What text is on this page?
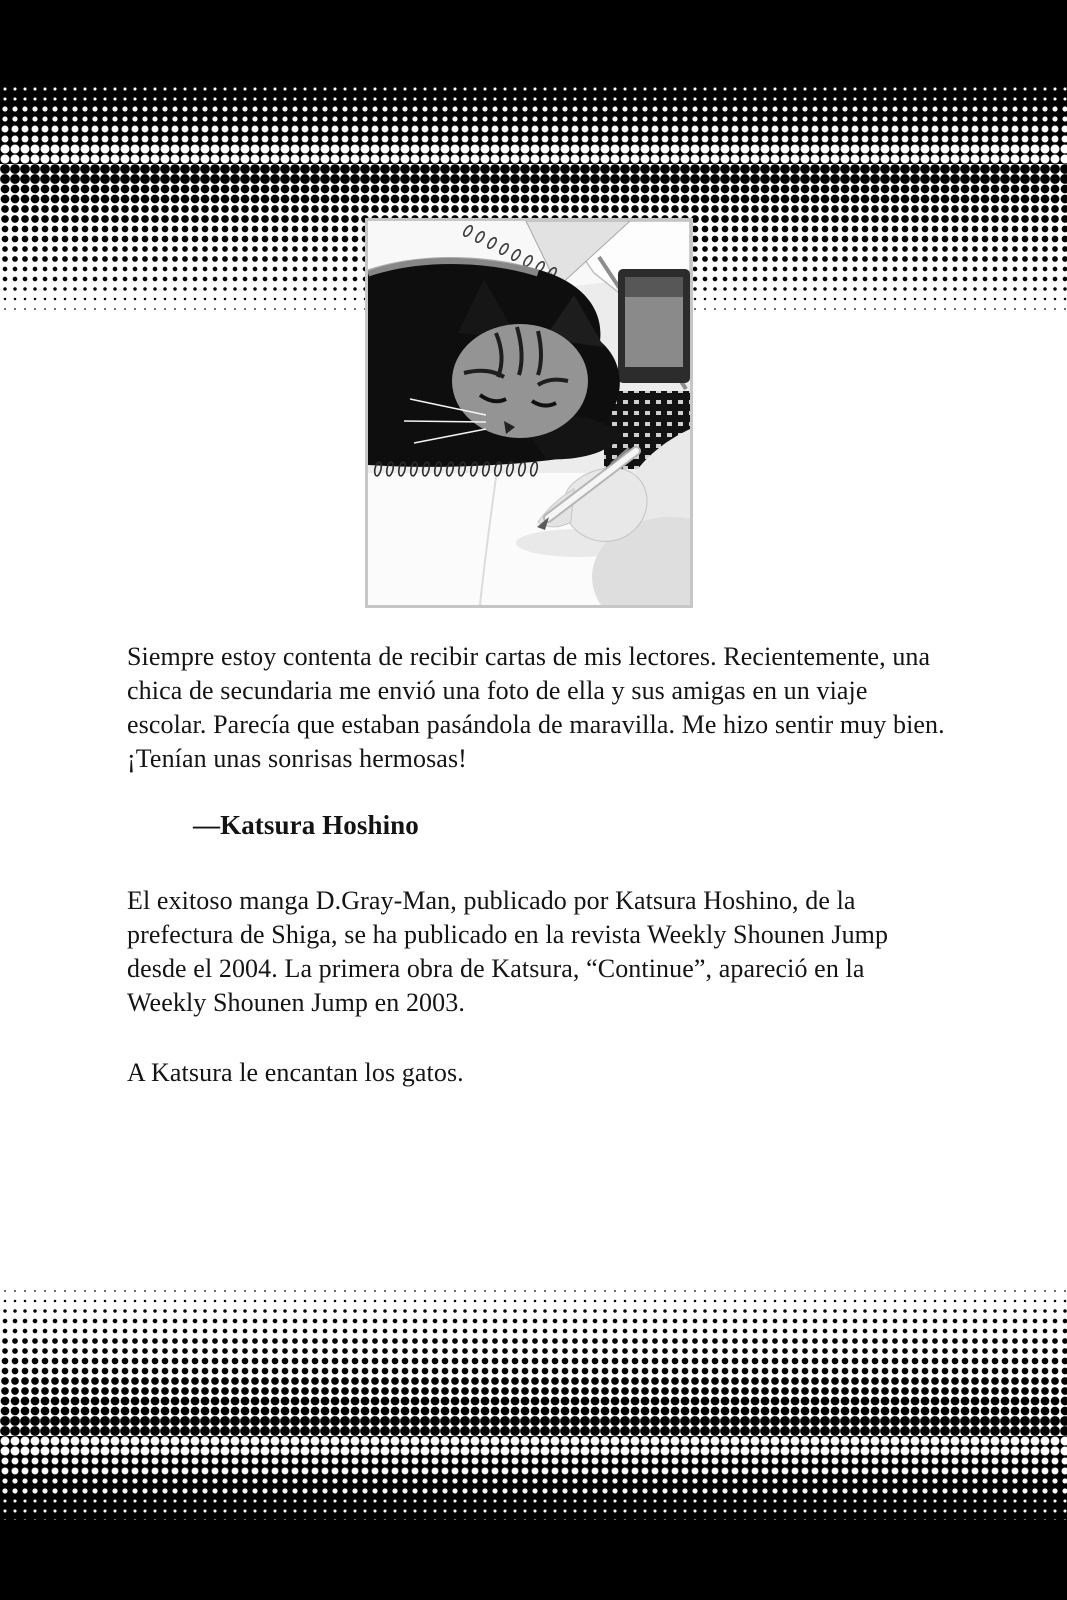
Siempre estoy contenta de recibir cartas de mis lectores. Recientemente, una chica de secundaria me envió una foto de ella y sus amigas en un viaje escolar. Parecía que estaban pasándola de maravilla. Me hizo sentir muy bien. ¡Tenían unas sonrisas hermosas!

—Katsura Hoshino

El exitoso manga D.Gray-Man, publicado por Katsura Hoshino, de la prefectura de Shiga, se ha publicado en la revista Weekly Shounen Jump desde el 2004. La primera obra de Katsura, “Continue”, apareció en la Weekly Shounen Jump en 2003.

A Katsura le encantan los gatos.
